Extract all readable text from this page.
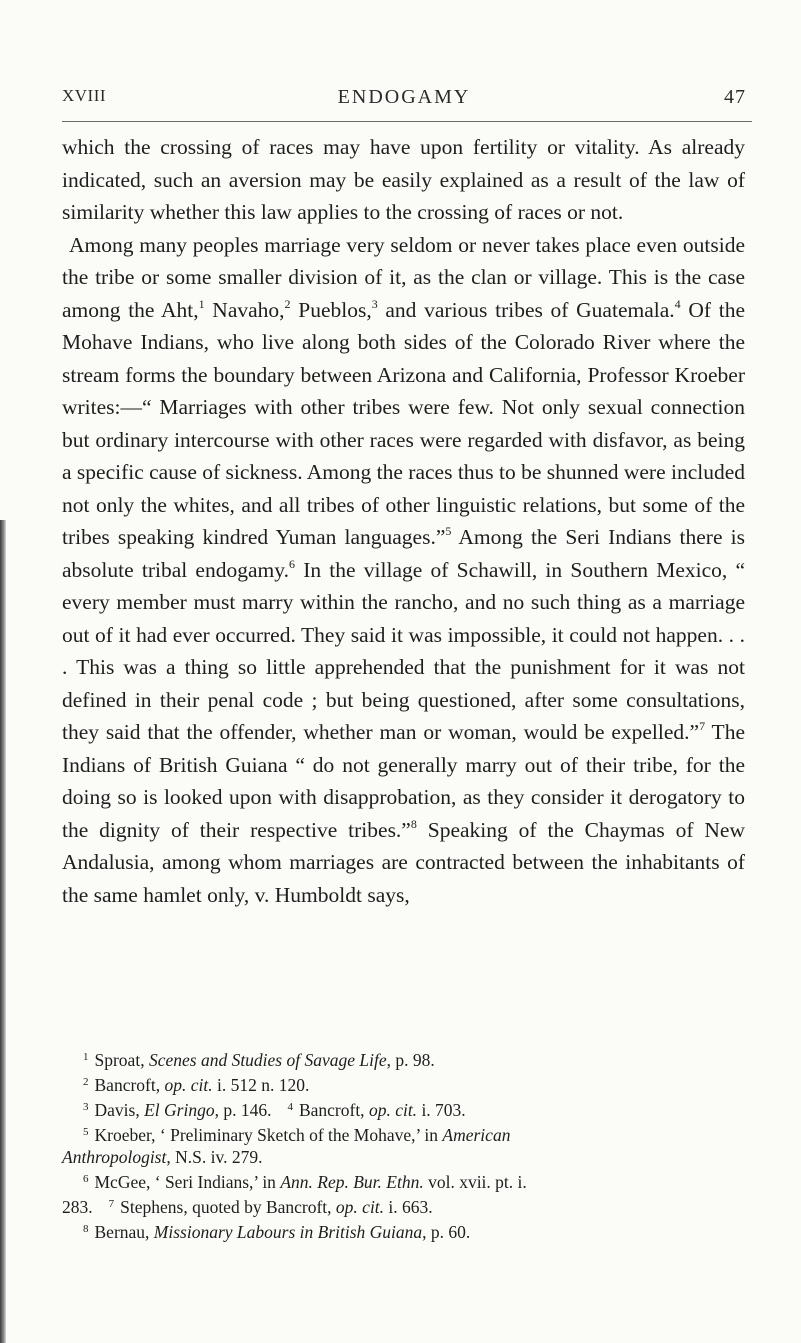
XVIII	ENDOGAMY	47

which the crossing of races may have upon fertility or vitality. As already indicated, such an aversion may be easily explained as a result of the law of similarity whether this law applies to the crossing of races or not.

Among many peoples marriage very seldom or never takes place even outside the tribe or some smaller division of it, as the clan or village. This is the case among the Aht,$^1$ Navaho,$^2$ Pueblos,$^3$ and various tribes of Guatemala.$^4$ Of the Mohave Indians, who live along both sides of the Colorado River where the stream forms the boundary between Arizona and California, Professor Kroeber writes:—“ Marriages with other tribes were few. Not only sexual connection but ordinary intercourse with other races were regarded with disfavor, as being a specific cause of sickness. Among the races thus to be shunned were included not only the whites, and all tribes of other linguistic relations, but some of the tribes speaking kindred Yuman languages.”$^5$ Among the Seri Indians there is absolute tribal endogamy.$^6$ In the village of Schawill, in Southern Mexico, “ every member must marry within the rancho, and no such thing as a marriage out of it had ever occurred. They said it was impossible, it could not happen. . . . This was a thing so little apprehended that the punishment for it was not defined in their penal code ; but being questioned, after some consultations, they said that the offender, whether man or woman, would be expelled.”$^7$ The Indians of British Guiana “ do not generally marry out of their tribe, for the doing so is looked upon with disapprobation, as they consider it derogatory to the dignity of their respective tribes.”$^8$ Speaking of the Chaymas of New Andalusia, among whom marriages are contracted between the inhabitants of the same hamlet only, v. Humboldt says,

$^1$ Sproat, Scenes and Studies of Savage Life, p. 98.
$^2$ Bancroft, op. cit. i. 512 n. 120.
$^3$ Davis, El Gringo, p. 146. $^4$ Bancroft, op. cit. i. 703.
$^5$ Kroeber, ‘ Preliminary Sketch of the Mohave,’ in American
Anthropologist, N.S. iv. 279.
$^6$ McGee, ‘ Seri Indians,’ in Ann. Rep. Bur. Ethn. vol. xvii. pt. i.
283. $^7$ Stephens, quoted by Bancroft, op. cit. i. 663.
$^8$ Bernau, Missionary Labours in British Guiana, p. 60.
